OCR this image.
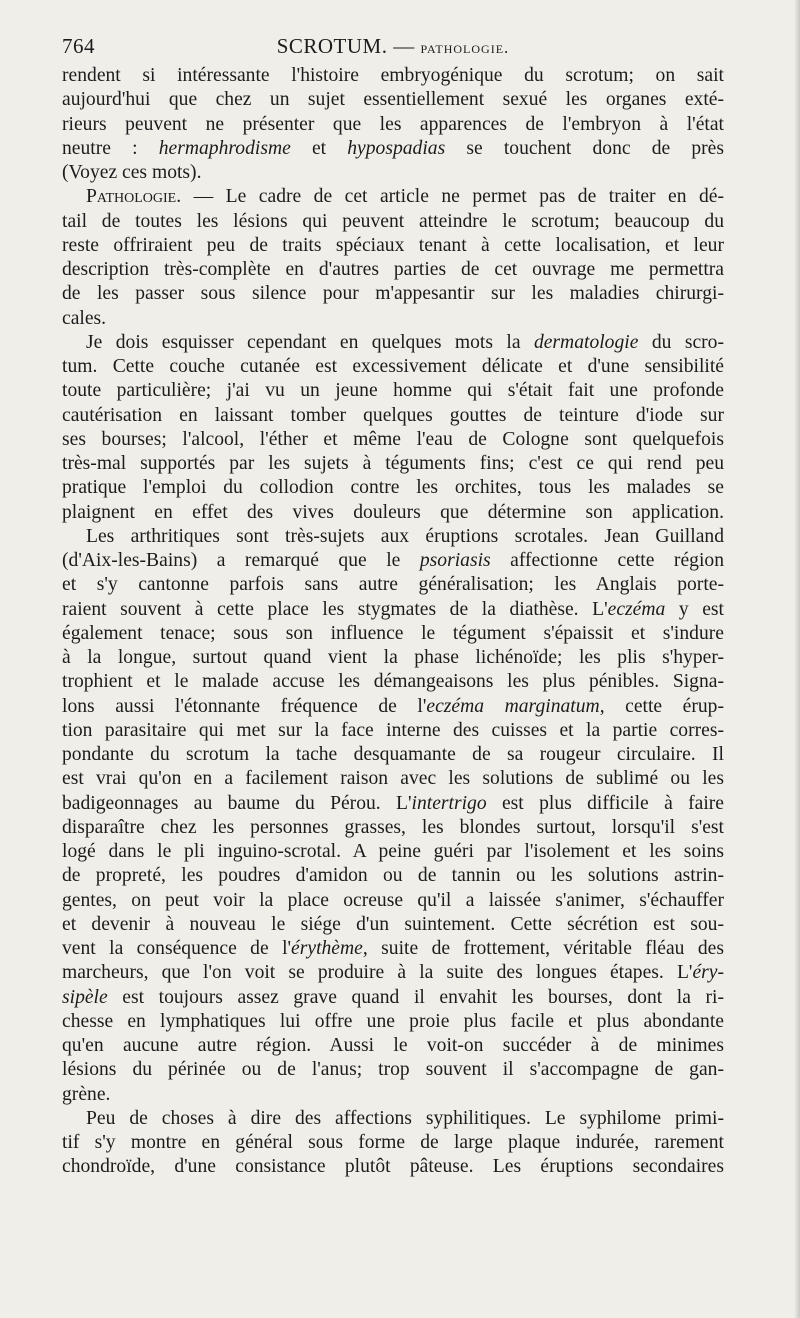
764	SCROTUM. — pathologie.

rendent si intéressante l'histoire embryogénique du scrotum; on sait

aujourd'hui que chez un sujet essentiellement sexué les organes exté-

rieurs peuvent ne présenter que les apparences de l'embryon à l'état

neutre : hermaphrodisme et hypospadias se touchent donc de près

(Voyez ces mots).

Pathologie. — Le cadre de cet article ne permet pas de traiter en dé-

tail de toutes les lésions qui peuvent atteindre le scrotum; beaucoup du

reste offriraient peu de traits spéciaux tenant à cette localisation, et leur

description très-complète en d'autres parties de cet ouvrage me permettra

de les passer sous silence pour m'appesantir sur les maladies chirurgi-

cales.

Je dois esquisser cependant en quelques mots la dermatologie du scro-

tum. Cette couche cutanée est excessivement délicate et d'une sensibilité

toute particulière; j'ai vu un jeune homme qui s'était fait une profonde

cautérisation en laissant tomber quelques gouttes de teinture d'iode sur

ses bourses; l'alcool, l'éther et même l'eau de Cologne sont quelquefois

très-mal supportés par les sujets à téguments fins; c'est ce qui rend peu

pratique l'emploi du collodion contre les orchites, tous les malades se

plaignent en effet des vives douleurs que détermine son application.

Les arthritiques sont très-sujets aux éruptions scrotales. Jean Guilland

(d'Aix-les-Bains) a remarqué que le psoriasis affectionne cette région

et s'y cantonne parfois sans autre généralisation; les Anglais porte-

raient souvent à cette place les stygmates de la diathèse. L'eczéma y est

également tenace; sous son influence le tégument s'épaissit et s'indure

à la longue, surtout quand vient la phase lichénoïde; les plis s'hyper-

trophient et le malade accuse les démangeaisons les plus pénibles. Signa-

lons aussi l'étonnante fréquence de l'eczéma marginatum, cette érup-

tion parasitaire qui met sur la face interne des cuisses et la partie corres-

pondante du scrotum la tache desquamante de sa rougeur circulaire. Il

est vrai qu'on en a facilement raison avec les solutions de sublimé ou les

badigeonnages au baume du Pérou. L'intertrigo est plus difficile à faire

disparaître chez les personnes grasses, les blondes surtout, lorsqu'il s'est

logé dans le pli inguino-scrotal. A peine guéri par l'isolement et les soins

de propreté, les poudres d'amidon ou de tannin ou les solutions astrin-

gentes, on peut voir la place ocreuse qu'il a laissée s'animer, s'échauffer

et devenir à nouveau le siége d'un suintement. Cette sécrétion est sou-

vent la conséquence de l'érythème, suite de frottement, véritable fléau des

marcheurs, que l'on voit se produire à la suite des longues étapes. L'éry-

sipèle est toujours assez grave quand il envahit les bourses, dont la ri-

chesse en lymphatiques lui offre une proie plus facile et plus abondante

qu'en aucune autre région. Aussi le voit-on succéder à de minimes

lésions du périnée ou de l'anus; trop souvent il s'accompagne de gan-

grène.

Peu de choses à dire des affections syphilitiques. Le syphilome primi-

tif s'y montre en général sous forme de large plaque indurée, rarement

chondroïde, d'une consistance plutôt pâteuse. Les éruptions secondaires
